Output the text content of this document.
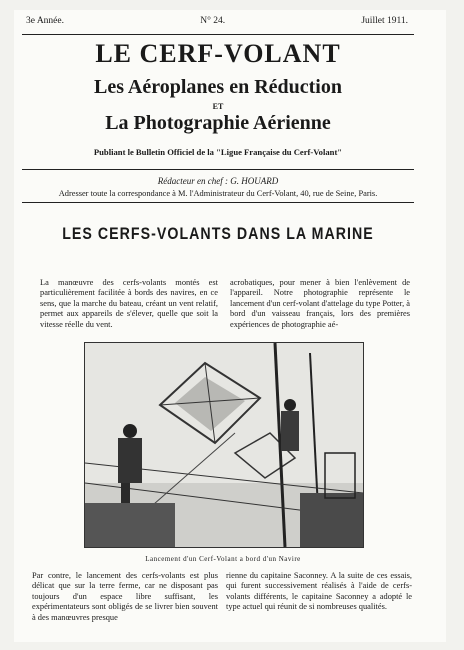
3e Année.	N° 24.	Juillet 1911.
LE CERF-VOLANT
Les Aéroplanes en Réduction
ET
La Photographie Aérienne
Publiant le Bulletin Officiel de la "Ligue Française du Cerf-Volant"
Rédacteur en chef : G. HOUARD
Adresser toute la correspondance à M. l'Administrateur du Cerf-Volant, 40, rue de Seine, Paris.
LES CERFS-VOLANTS DANS LA MARINE

La manœuvre des cerfs-volants montés est particulièrement facilitée à bords des navires, en ce sens, que la marche du bateau, créant un vent relatif, permet aux appareils de s'élever, quelle que soit la vitesse réelle du vent.

acrobatiques, pour mener à bien l'enlèvement de l'appareil. Notre photographie représente le lancement d'un cerf-volant d'attelage du type Potter, à bord d'un vaisseau français, lors des premières expériences de photographie aé-

Lancement d'un Cerf-Volant a bord d'un Navire

Par contre, le lancement des cerfs-volants est plus délicat que sur la terre ferme, car ne disposant pas toujours d'un espace libre suffisant, les expérimentateurs sont obligés de se livrer bien souvent à des manœuvres presque

rienne du capitaine Saconney. A la suite de ces essais, qui furent successivement réalisés à l'aide de cerfs-volants différents, le capitaine Saconney a adopté le type actuel qui réunit de si nombreuses qualités.
